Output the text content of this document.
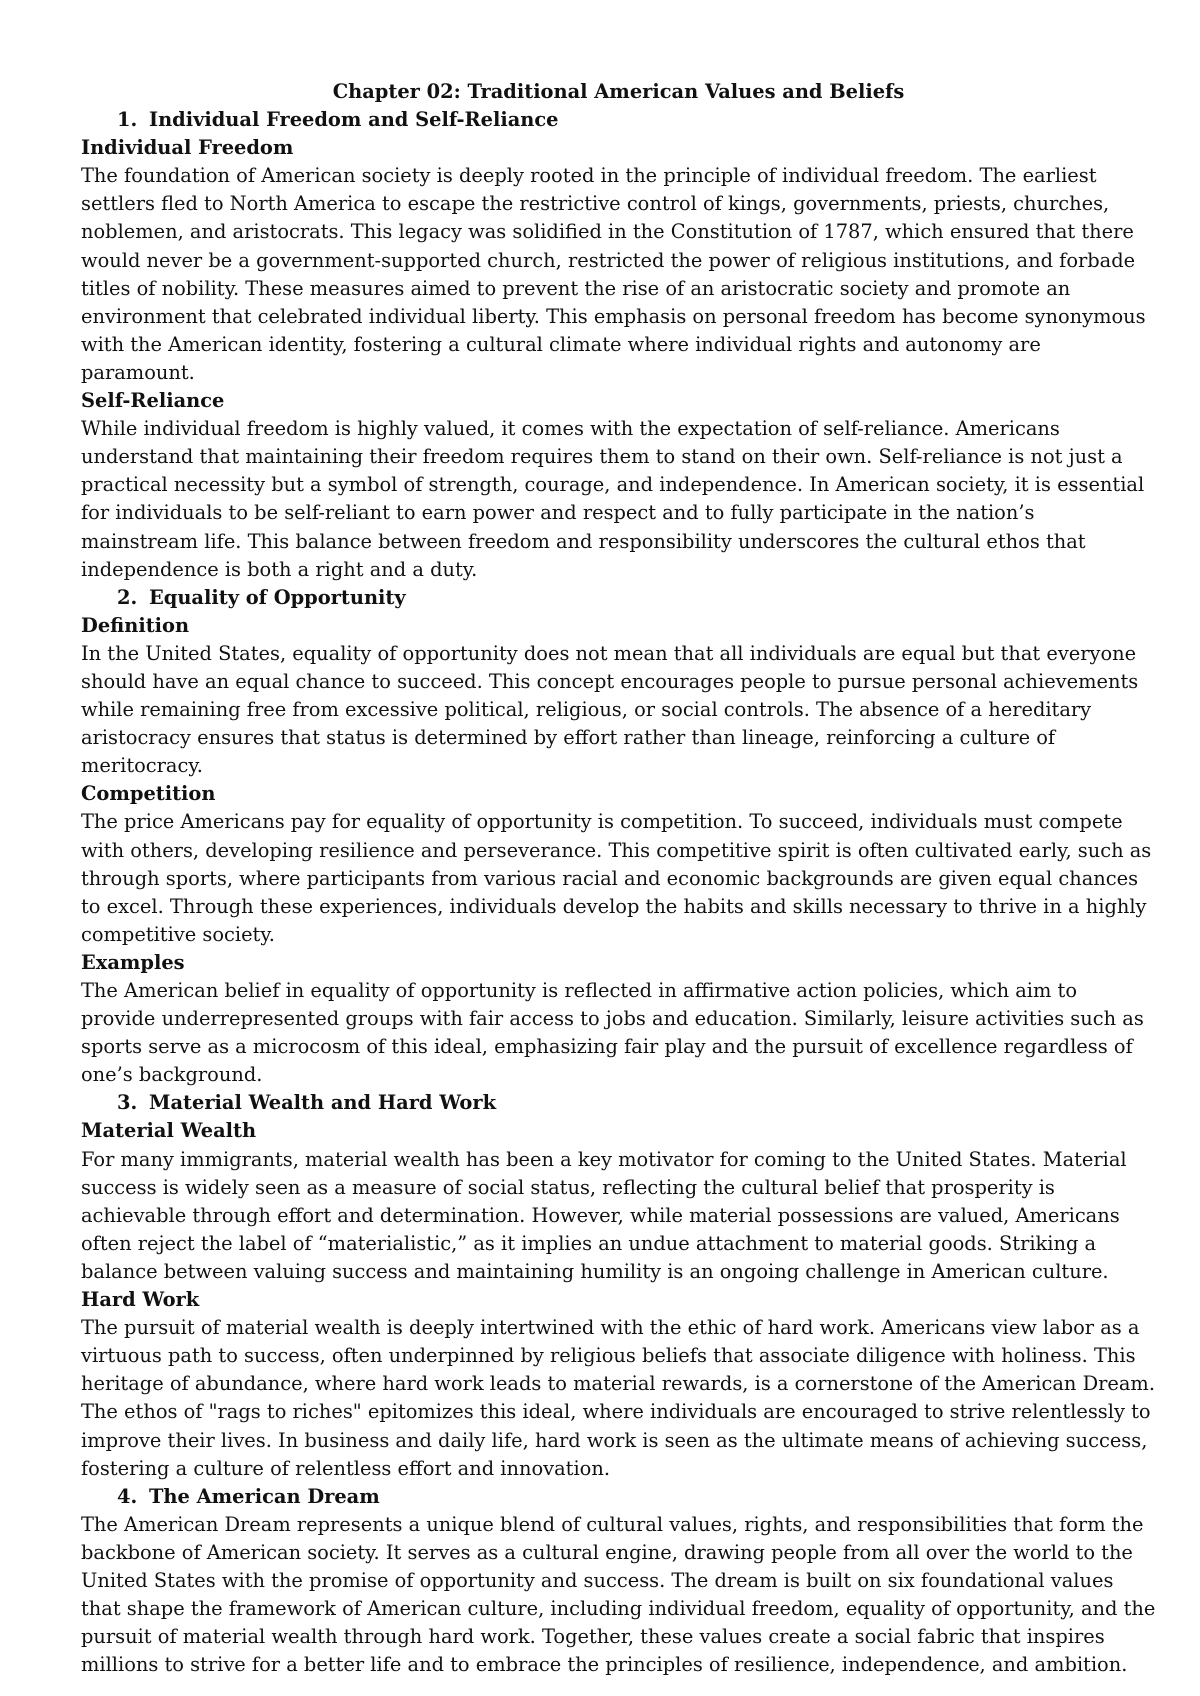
Chapter 02: Traditional American Values and Beliefs

1. Individual Freedom and Self-Reliance
Individual Freedom

The foundation of American society is deeply rooted in the principle of individual freedom. The earliest settlers fled to North America to escape the restrictive control of kings, governments, priests, churches, noblemen, and aristocrats. This legacy was solidified in the Constitution of 1787, which ensured that there would never be a government-supported church, restricted the power of religious institutions, and forbade titles of nobility. These measures aimed to prevent the rise of an aristocratic society and promote an environment that celebrated individual liberty. This emphasis on personal freedom has become synonymous with the American identity, fostering a cultural climate where individual rights and autonomy are paramount.

Self-Reliance

While individual freedom is highly valued, it comes with the expectation of self-reliance. Americans understand that maintaining their freedom requires them to stand on their own. Self-reliance is not just a practical necessity but a symbol of strength, courage, and independence. In American society, it is essential for individuals to be self-reliant to earn power and respect and to fully participate in the nation’s mainstream life. This balance between freedom and responsibility underscores the cultural ethos that independence is both a right and a duty.

2. Equality of Opportunity
Definition

In the United States, equality of opportunity does not mean that all individuals are equal but that everyone should have an equal chance to succeed. This concept encourages people to pursue personal achievements while remaining free from excessive political, religious, or social controls. The absence of a hereditary aristocracy ensures that status is determined by effort rather than lineage, reinforcing a culture of meritocracy.

Competition

The price Americans pay for equality of opportunity is competition. To succeed, individuals must compete with others, developing resilience and perseverance. This competitive spirit is often cultivated early, such as through sports, where participants from various racial and economic backgrounds are given equal chances to excel. Through these experiences, individuals develop the habits and skills necessary to thrive in a highly competitive society.

Examples

The American belief in equality of opportunity is reflected in affirmative action policies, which aim to provide underrepresented groups with fair access to jobs and education. Similarly, leisure activities such as sports serve as a microcosm of this ideal, emphasizing fair play and the pursuit of excellence regardless of one’s background.

3. Material Wealth and Hard Work
Material Wealth

For many immigrants, material wealth has been a key motivator for coming to the United States. Material success is widely seen as a measure of social status, reflecting the cultural belief that prosperity is achievable through effort and determination. However, while material possessions are valued, Americans often reject the label of “materialistic,” as it implies an undue attachment to material goods. Striking a balance between valuing success and maintaining humility is an ongoing challenge in American culture.

Hard Work

The pursuit of material wealth is deeply intertwined with the ethic of hard work. Americans view labor as a virtuous path to success, often underpinned by religious beliefs that associate diligence with holiness. This heritage of abundance, where hard work leads to material rewards, is a cornerstone of the American Dream. The ethos of "rags to riches" epitomizes this ideal, where individuals are encouraged to strive relentlessly to improve their lives. In business and daily life, hard work is seen as the ultimate means of achieving success, fostering a culture of relentless effort and innovation.

4. The American Dream

The American Dream represents a unique blend of cultural values, rights, and responsibilities that form the backbone of American society. It serves as a cultural engine, drawing people from all over the world to the United States with the promise of opportunity and success. The dream is built on six foundational values that shape the framework of American culture, including individual freedom, equality of opportunity, and the pursuit of material wealth through hard work. Together, these values create a social fabric that inspires millions to strive for a better life and to embrace the principles of resilience, independence, and ambition.
